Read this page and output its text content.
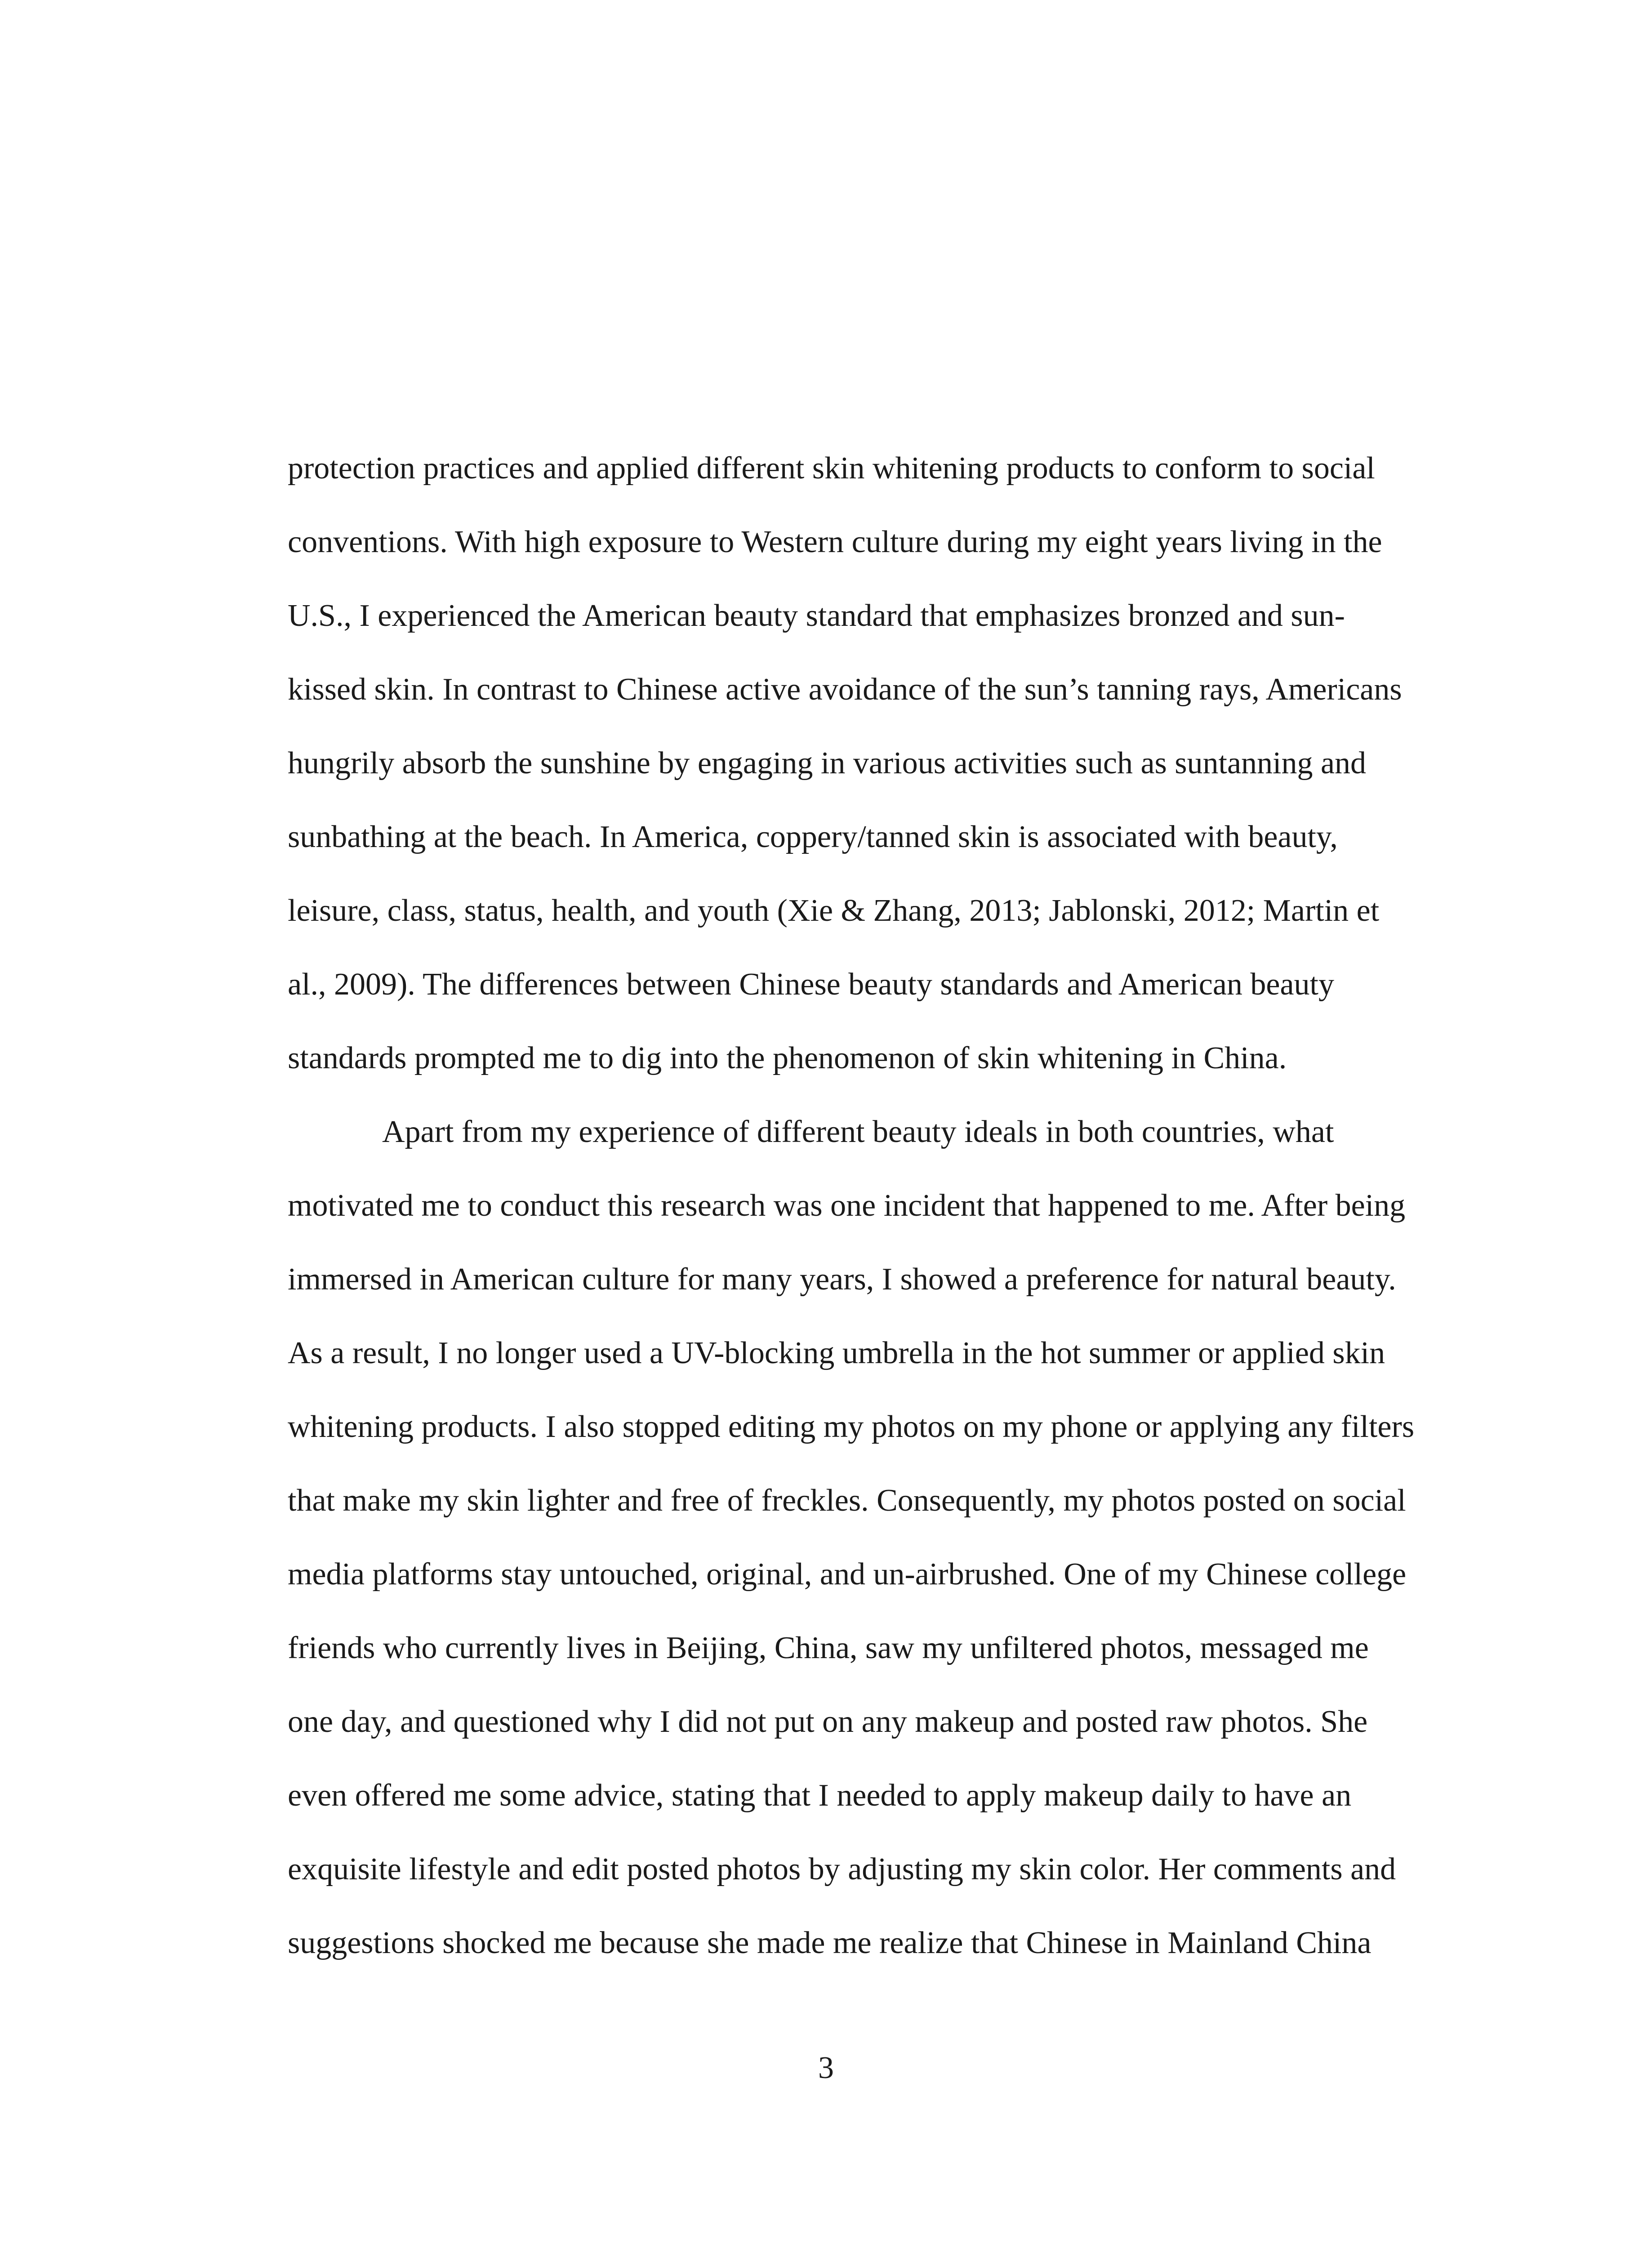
protection practices and applied different skin whitening products to conform to social
conventions. With high exposure to Western culture during my eight years living in the
U.S., I experienced the American beauty standard that emphasizes bronzed and sun-
kissed skin. In contrast to Chinese active avoidance of the sun’s tanning rays, Americans
hungrily absorb the sunshine by engaging in various activities such as suntanning and
sunbathing at the beach. In America, coppery/tanned skin is associated with beauty,
leisure, class, status, health, and youth (Xie & Zhang, 2013; Jablonski, 2012; Martin et
al., 2009). The differences between Chinese beauty standards and American beauty
standards prompted me to dig into the phenomenon of skin whitening in China.
Apart from my experience of different beauty ideals in both countries, what
motivated me to conduct this research was one incident that happened to me. After being
immersed in American culture for many years, I showed a preference for natural beauty.
As a result, I no longer used a UV-blocking umbrella in the hot summer or applied skin
whitening products. I also stopped editing my photos on my phone or applying any filters
that make my skin lighter and free of freckles. Consequently, my photos posted on social
media platforms stay untouched, original, and un-airbrushed. One of my Chinese college
friends who currently lives in Beijing, China, saw my unfiltered photos, messaged me
one day, and questioned why I did not put on any makeup and posted raw photos. She
even offered me some advice, stating that I needed to apply makeup daily to have an
exquisite lifestyle and edit posted photos by adjusting my skin color. Her comments and
suggestions shocked me because she made me realize that Chinese in Mainland China
3
